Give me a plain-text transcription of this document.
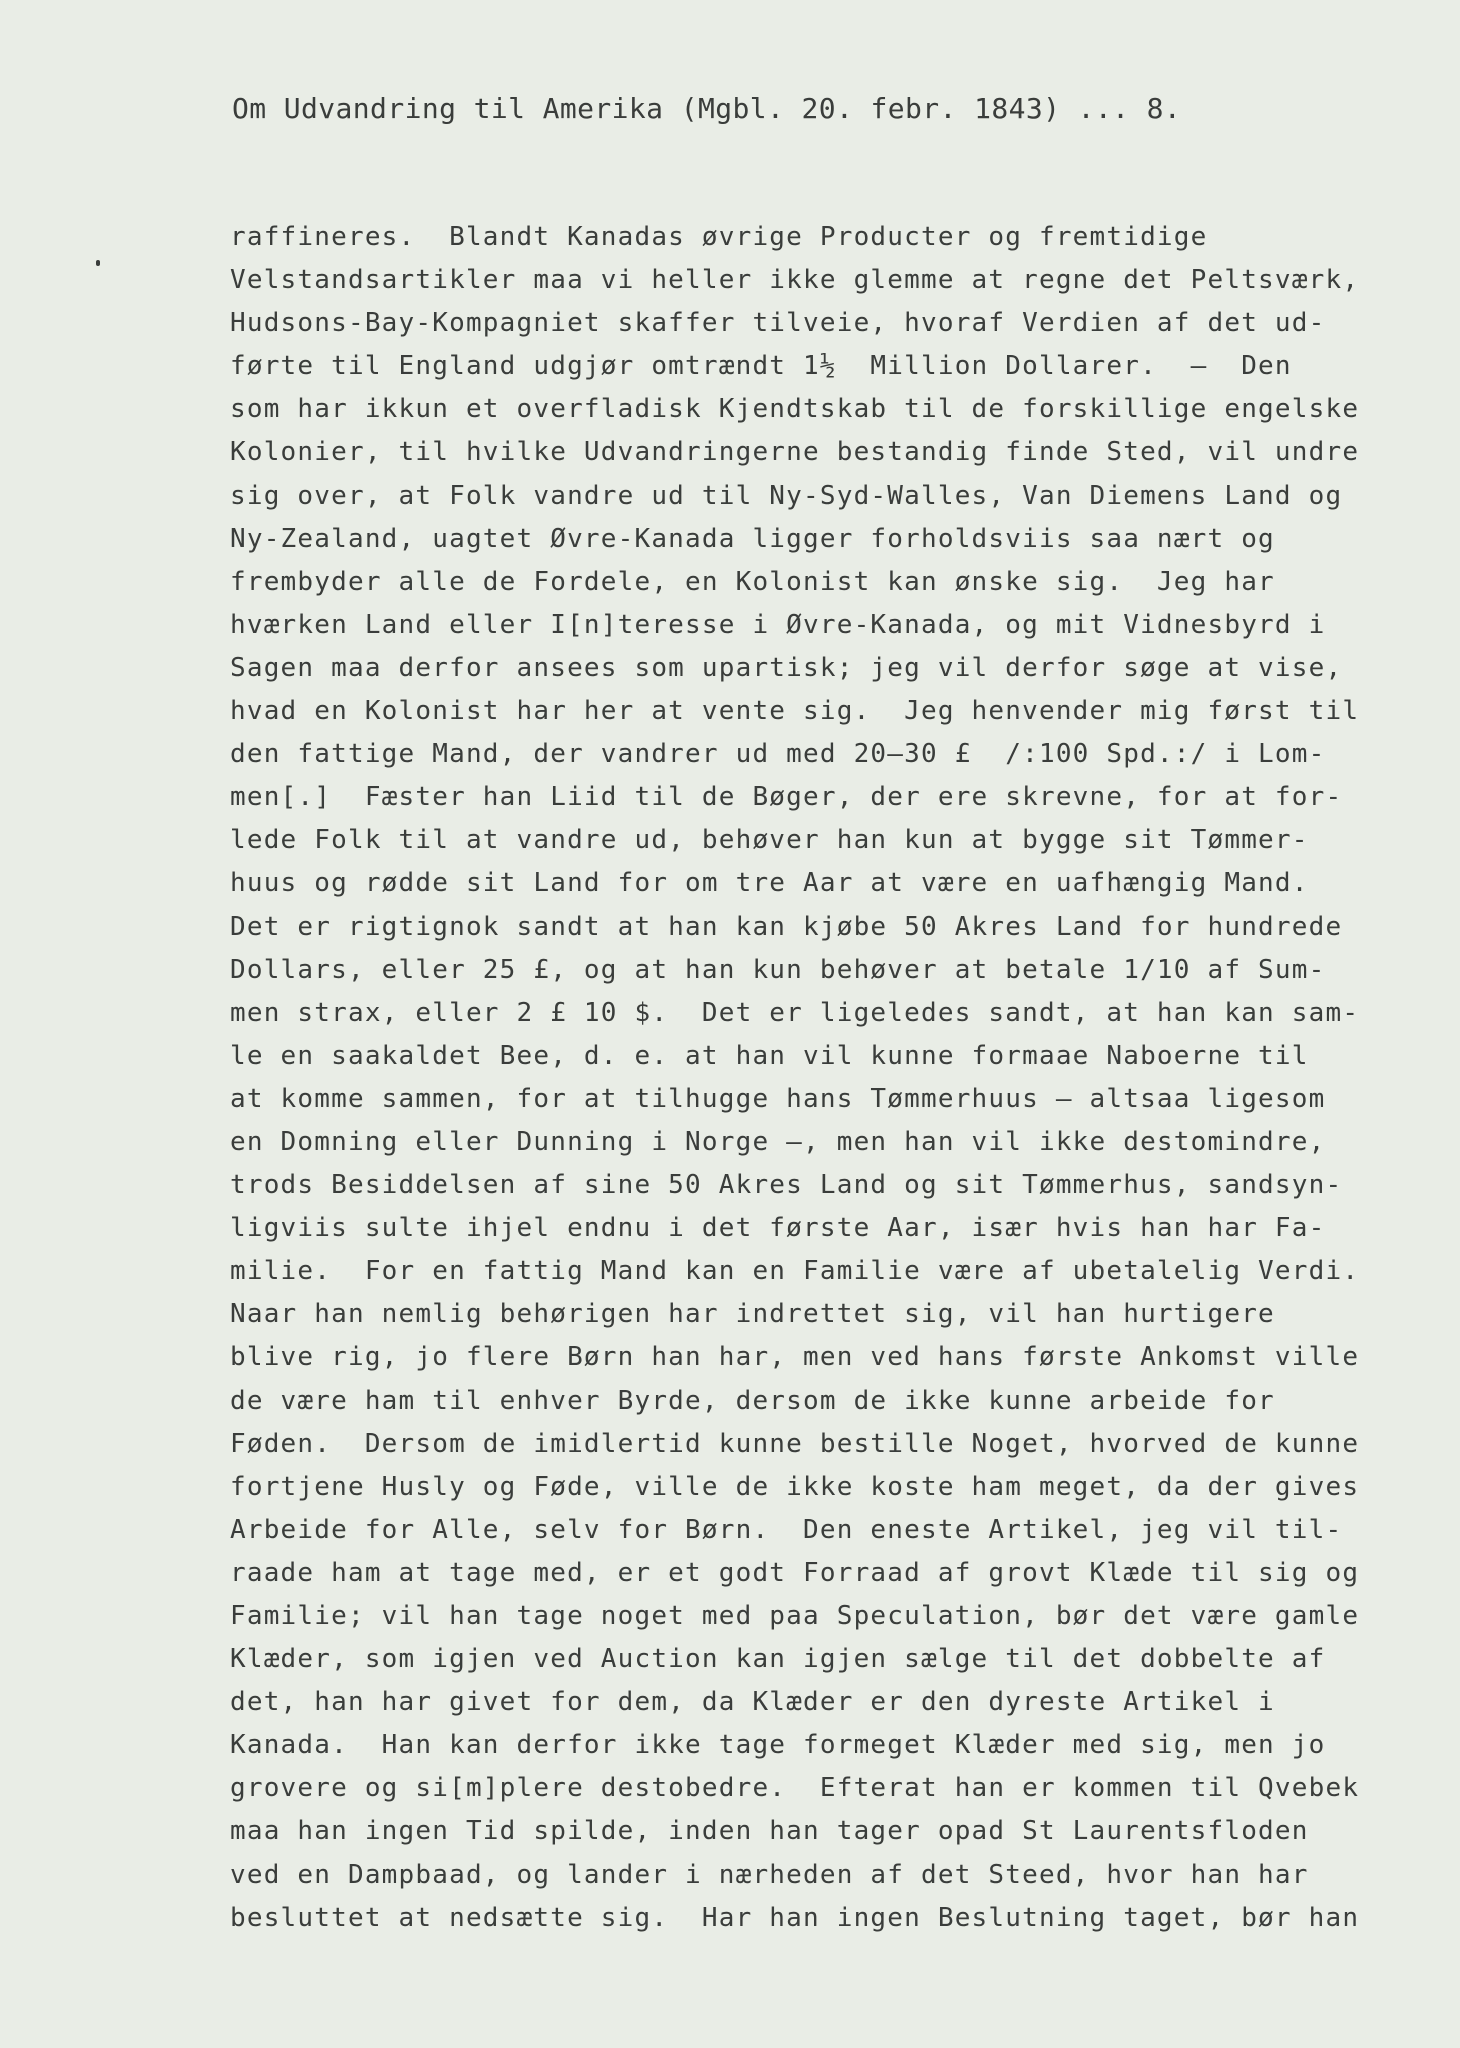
Om Udvandring til Amerika (Mgbl. 20. febr. 1843) ... 8.

raffineres.  Blandt Kanadas øvrige Producter og fremtidige
Velstandsartikler maa vi heller ikke glemme at regne det Peltsværk,
Hudsons-Bay-Kompagniet skaffer tilveie, hvoraf Verdien af det ud-
førte til England udgjør omtrændt 1½  Million Dollarer.  —  Den
som har ikkun et overfladisk Kjendtskab til de forskillige engelske
Kolonier, til hvilke Udvandringerne bestandig finde Sted, vil undre
sig over, at Folk vandre ud til Ny-Syd-Walles, Van Diemens Land og
Ny-Zealand, uagtet Øvre-Kanada ligger forholdsviis saa nært og
frembyder alle de Fordele, en Kolonist kan ønske sig.  Jeg har
hværken Land eller I[n]teresse i Øvre-Kanada, og mit Vidnesbyrd i
Sagen maa derfor ansees som upartisk; jeg vil derfor søge at vise,
hvad en Kolonist har her at vente sig.  Jeg henvender mig først til
den fattige Mand, der vandrer ud med 20—30 £  /:100 Spd.:/ i Lom-
men[.]  Fæster han Liid til de Bøger, der ere skrevne, for at for-
lede Folk til at vandre ud, behøver han kun at bygge sit Tømmer-
huus og rødde sit Land for om tre Aar at være en uafhængig Mand.
Det er rigtignok sandt at han kan kjøbe 50 Akres Land for hundrede
Dollars, eller 25 £, og at han kun behøver at betale 1/10 af Sum-
men strax, eller 2 £ 10 $.  Det er ligeledes sandt, at han kan sam-
le en saakaldet Bee, d. e. at han vil kunne formaae Naboerne til
at komme sammen, for at tilhugge hans Tømmerhuus — altsaa ligesom
en Domning eller Dunning i Norge —, men han vil ikke destomindre,
trods Besiddelsen af sine 50 Akres Land og sit Tømmerhus, sandsyn-
ligviis sulte ihjel endnu i det første Aar, især hvis han har Fa-
milie.  For en fattig Mand kan en Familie være af ubetalelig Verdi.
Naar han nemlig behørigen har indrettet sig, vil han hurtigere
blive rig, jo flere Børn han har, men ved hans første Ankomst ville
de være ham til enhver Byrde, dersom de ikke kunne arbeide for
Føden.  Dersom de imidlertid kunne bestille Noget, hvorved de kunne
fortjene Husly og Føde, ville de ikke koste ham meget, da der gives
Arbeide for Alle, selv for Børn.  Den eneste Artikel, jeg vil til-
raade ham at tage med, er et godt Forraad af grovt Klæde til sig og
Familie; vil han tage noget med paa Speculation, bør det være gamle
Klæder, som igjen ved Auction kan igjen sælge til det dobbelte af
det, han har givet for dem, da Klæder er den dyreste Artikel i
Kanada.  Han kan derfor ikke tage formeget Klæder med sig, men jo
grovere og si[m]plere destobedre.  Efterat han er kommen til Qvebek
maa han ingen Tid spilde, inden han tager opad St Laurentsfloden
ved en Dampbaad, og lander i nærheden af det Steed, hvor han har
besluttet at nedsætte sig.  Har han ingen Beslutning taget, bør han
